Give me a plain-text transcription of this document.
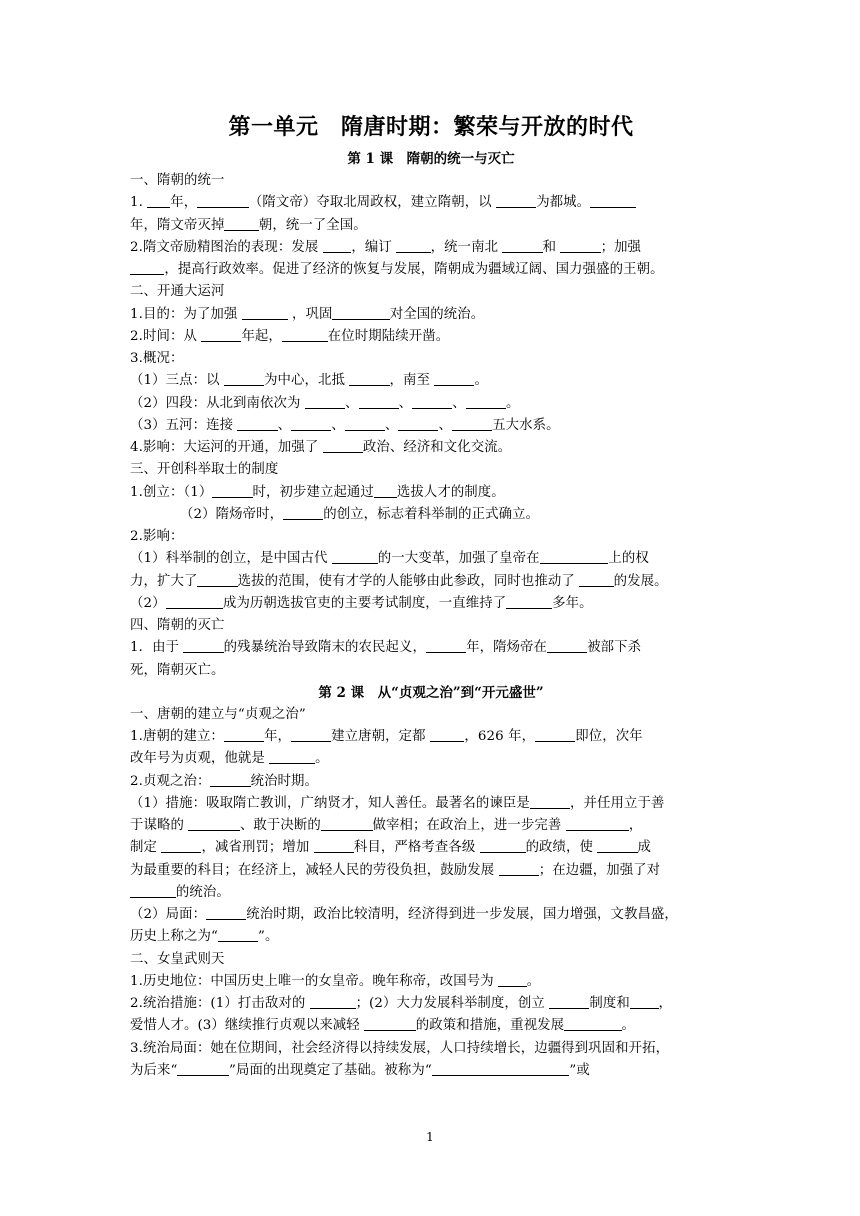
第一单元　隋唐时期：繁荣与开放的时代
第 1 课　隋朝的统一与灭亡
一、隋朝的统一
1. 年，	（隋文帝）夺取北周政权，建立隋朝，以	为都城。
年，隋文帝灭掉	朝，统一了全国。
2.隋文帝励精图治的表现：发展 ，编订	，统一南北	和	；加强
，提高行政效率。促进了经济的恢复与发展，隋朝成为疆域辽阔、国力强盛的王朝。
二、开通大运河
1.目的：为了加强	，巩固	对全国的统治。
2.时间：从	年起，	在位时期陆续开凿。
3.概况：
（1）三点：以	为中心，北抵	，南至	。
（2）四段：从北到南依次为	、	、	、	。
（3）五河：连接	、	、	、	、	五大水系。
4.影响：大运河的开通，加强了	政治、经济和文化交流。
三、开创科举取士的制度
1.创立：（1）	时，初步建立起通过 选拔人才的制度。
（2）隋炀帝时，	的创立，标志着科举制的正式确立。
2.影响：
（1）科举制的创立，是中国古代	的一大变革，加强了皇帝在	上的权
力，扩大了	选拔的范围，使有才学的人能够由此参政，同时也推动了	的发展。
（2）	成为历朝选拔官吏的主要考试制度，一直维持了	多年。
四、隋朝的灭亡
1．由于	的残暴统治导致隋末的农民起义，	年，隋炀帝在	被部下杀
死，隋朝灭亡。
第 2 课　从“贞观之治”到“开元盛世”
一、唐朝的建立与“贞观之治”
1.唐朝的建立：	年，	建立唐朝，定都	，626 年，	即位，次年
改年号为贞观，他就是	。
2.贞观之治：	统治时期。
（1）措施：吸取隋亡教训，广纳贤才，知人善任。最著名的谏臣是	，并任用立于善
于谋略的	、敢于决断的	做宰相；在政治上，进一步完善	，
制定	，减省刑罚；增加	科目，严格考查各级	的政绩，使	成
为最重要的科目；在经济上，减轻人民的劳役负担，鼓励发展	；在边疆，加强了对
的统治。
（2）局面：	统治时期，政治比较清明，经济得到进一步发展，国力增强，文教昌盛，
历史上称之为“	”。
二、女皇武则天
1.历史地位：中国历史上唯一的女皇帝。晚年称帝，改国号为 。
2.统治措施：(1）打击敌对的	；(2）大力发展科举制度，创立	制度和 ，
爱惜人才。(3）继续推行贞观以来减轻	的政策和措施，重视发展	。
3.统治局面：她在位期间，社会经济得以持续发展，人口持续增长，边疆得到巩固和开拓，
为后来“	”局面的出现奠定了基础。被称为“	”或
1
